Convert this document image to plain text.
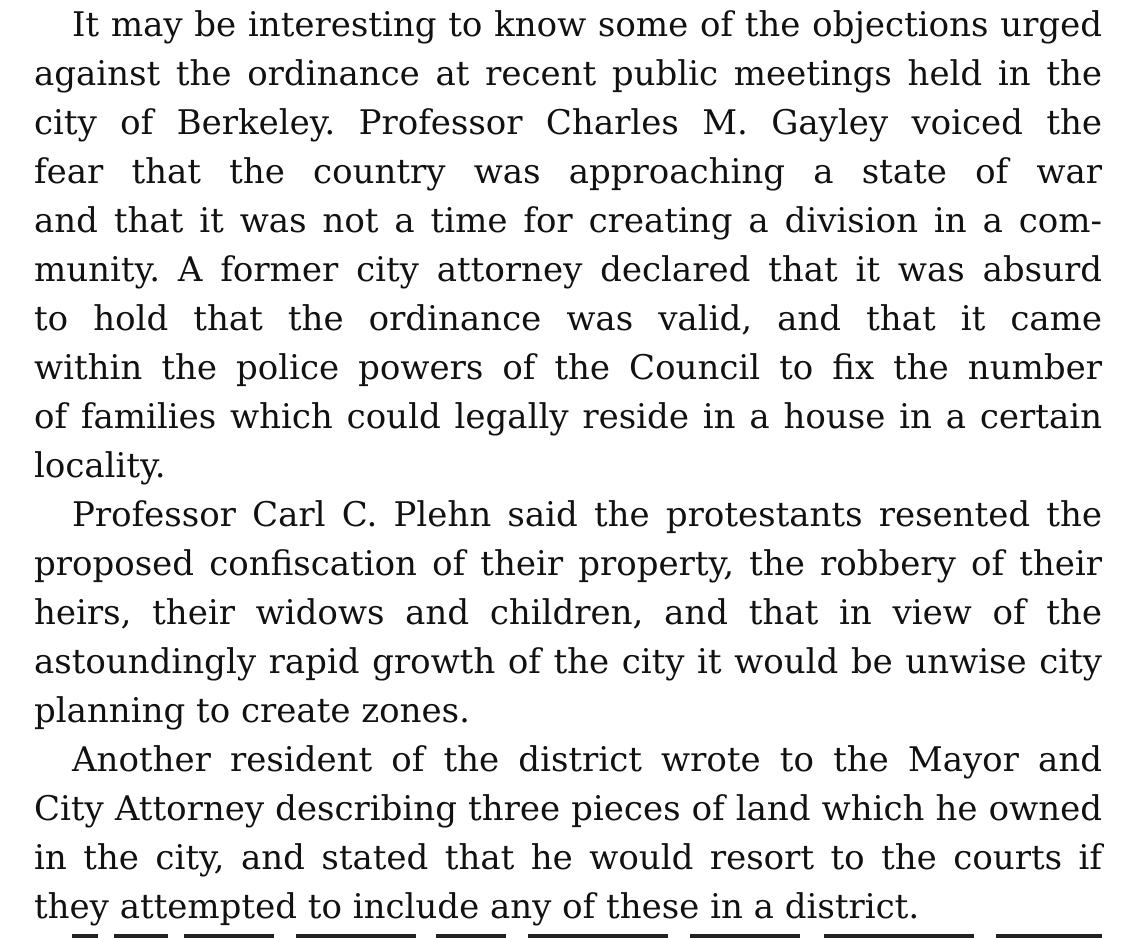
It may be interesting to know some of the objections urged
against the ordinance at recent public meetings held in the
city of Berkeley. Professor Charles M. Gayley voiced the
fear that the country was approaching a state of war
and that it was not a time for creating a division in a com-
munity. A former city attorney declared that it was absurd
to hold that the ordinance was valid, and that it came
within the police powers of the Council to fix the number
of families which could legally reside in a house in a certain
locality.
Professor Carl C. Plehn said the protestants resented the
proposed confiscation of their property, the robbery of their
heirs, their widows and children, and that in view of the
astoundingly rapid growth of the city it would be unwise city
planning to create zones.
Another resident of the district wrote to the Mayor and
City Attorney describing three pieces of land which he owned
in the city, and stated that he would resort to the courts if
they attempted to include any of these in a district.
